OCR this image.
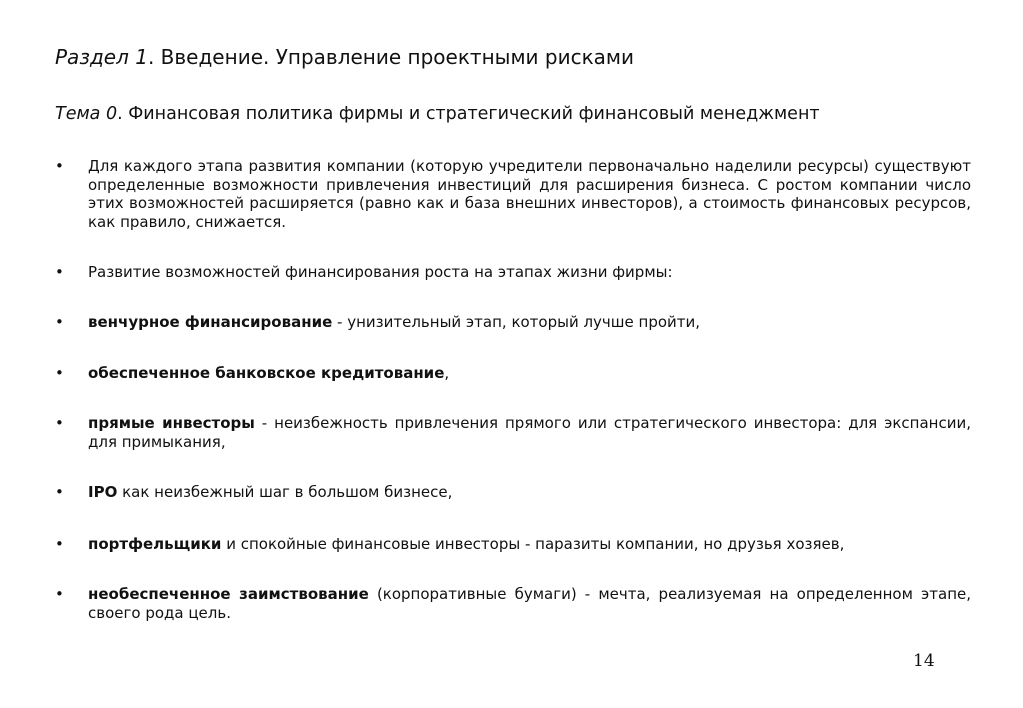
Раздел 1. Введение. Управление проектными рисками
Тема 0. Финансовая политика фирмы и стратегический финансовый менеджмент
• Для каждого этапа развития компании (которую учредители первоначально наделили ресурсы) существуют определенные возможности привлечения инвестиций для расширения бизнеса. С ростом компании число этих возможностей расширяется (равно как и база внешних инвесторов), а стоимость финансовых ресурсов, как правило, снижается.
• Развитие возможностей финансирования роста на этапах жизни фирмы:
• венчурное финансирование - унизительный этап, который лучше пройти,
• обеспеченное банковское кредитование,
• прямые инвесторы - неизбежность привлечения прямого или стратегического инвестора: для экспансии, для примыкания,
• IPO как неизбежный шаг в большом бизнесе,
• портфельщики и спокойные финансовые инвесторы - паразиты компании, но друзья хозяев,
• необеспеченное заимствование (корпоративные бумаги) - мечта, реализуемая на определенном этапе, своего рода цель.
14
